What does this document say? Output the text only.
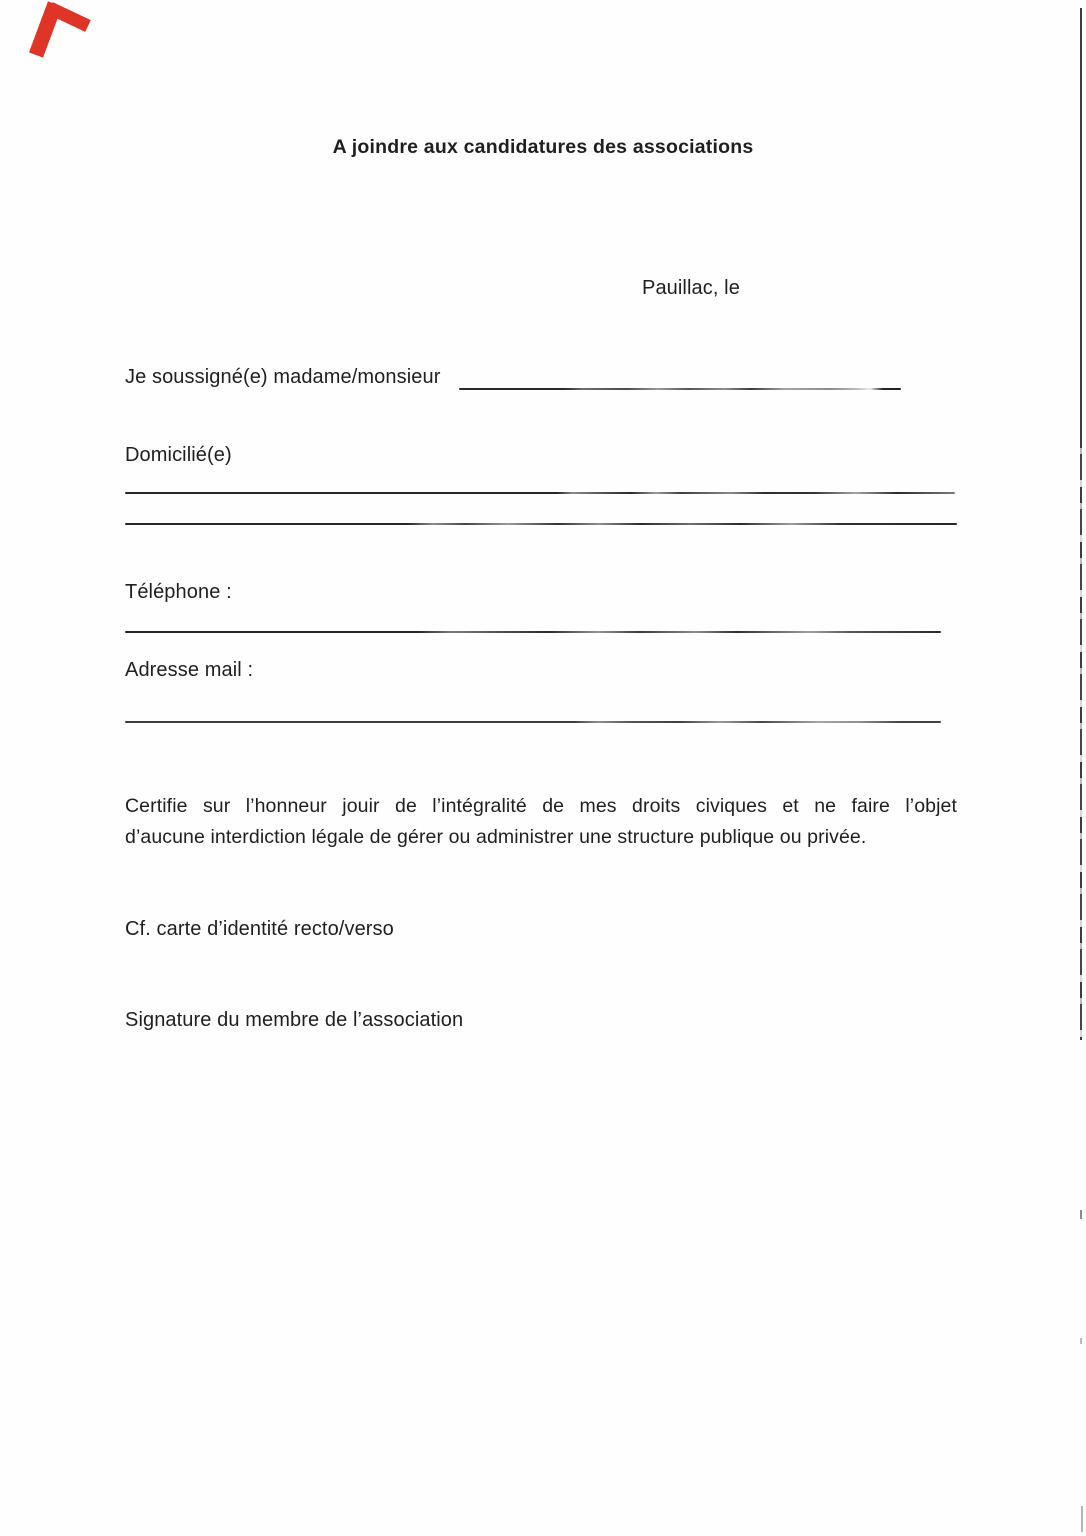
A joindre aux candidatures des associations
Pauillac, le
Je soussigné(e) madame/monsieur
Domicilié(e)
Téléphone :
Adresse mail :
Certifie sur l’honneur jouir de l’intégralité de mes droits civiques et ne faire l’objet
d’aucune interdiction légale de gérer ou administrer une structure publique ou privée.
Cf. carte d’identité recto/verso
Signature du membre de l’association
